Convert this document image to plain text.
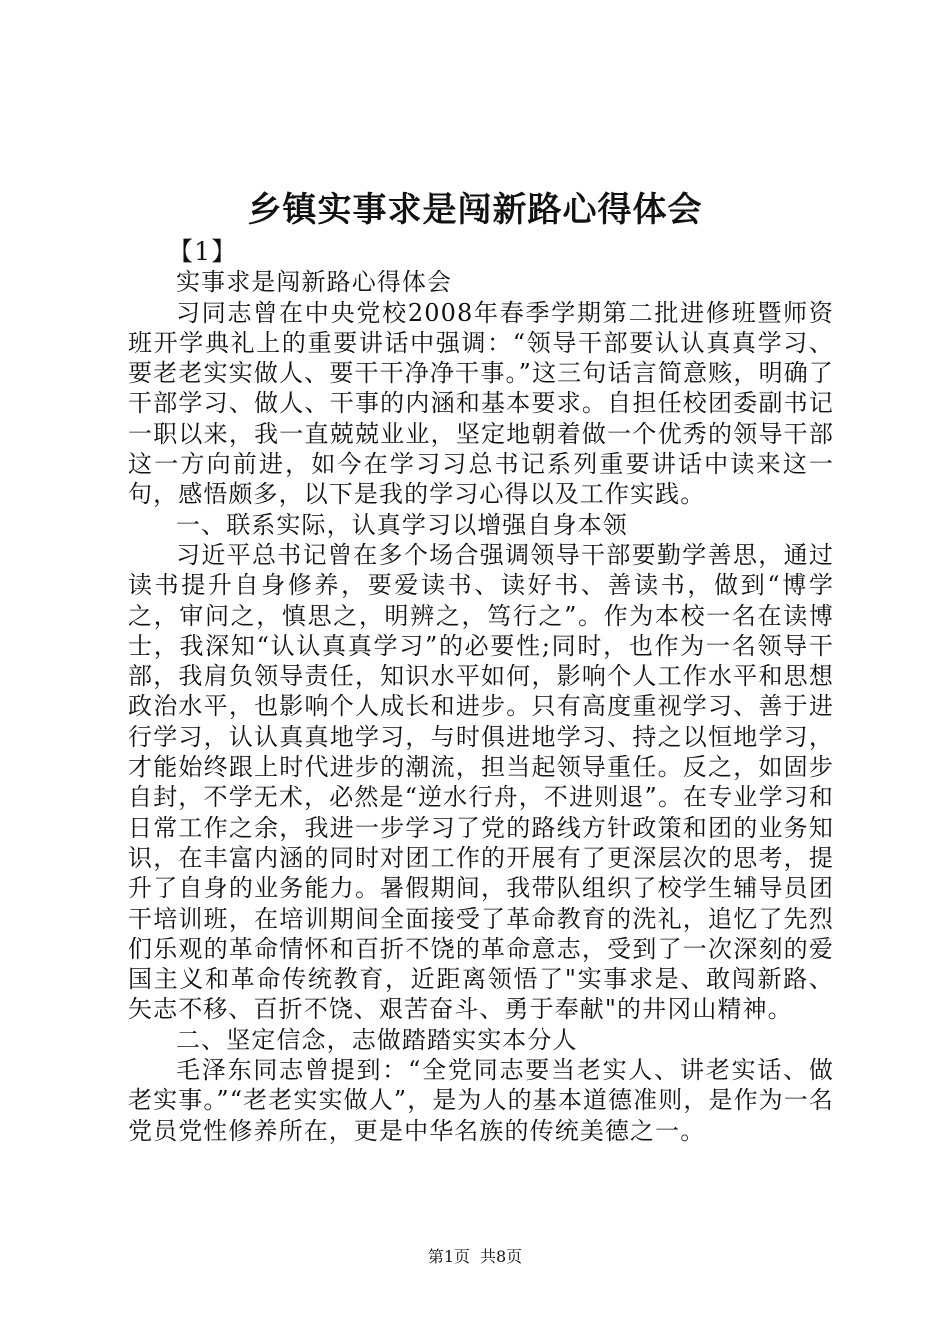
乡镇实事求是闯新路心得体会

【1】

实事求是闯新路心得体会

习同志曾在中央党校2008年春季学期第二批进修班暨师资班开学典礼上的重要讲话中强调：“领导干部要认认真真学习、要老老实实做人、要干干净净干事。”这三句话言简意赅，明确了干部学习、做人、干事的内涵和基本要求。自担任校团委副书记一职以来，我一直兢兢业业，坚定地朝着做一个优秀的领导干部这一方向前进，如今在学习习总书记系列重要讲话中读来这一句，感悟颇多，以下是我的学习心得以及工作实践。

一、联系实际，认真学习以增强自身本领

习近平总书记曾在多个场合强调领导干部要勤学善思，通过读书提升自身修养，要爱读书、读好书、善读书，做到“博学之，审问之，慎思之，明辨之，笃行之”。作为本校一名在读博士，我深知“认认真真学习”的必要性;同时，也作为一名领导干部，我肩负领导责任，知识水平如何，影响个人工作水平和思想政治水平，也影响个人成长和进步。只有高度重视学习、善于进行学习，认认真真地学习，与时俱进地学习、持之以恒地学习，才能始终跟上时代进步的潮流，担当起领导重任。反之，如固步自封，不学无术，必然是“逆水行舟，不进则退”。在专业学习和日常工作之余，我进一步学习了党的路线方针政策和团的业务知识，在丰富内涵的同时对团工作的开展有了更深层次的思考，提升了自身的业务能力。暑假期间，我带队组织了校学生辅导员团干培训班，在培训期间全面接受了革命教育的洗礼，追忆了先烈们乐观的革命情怀和百折不饶的革命意志，受到了一次深刻的爱国主义和革命传统教育，近距离领悟了"实事求是、敢闯新路、矢志不移、百折不饶、艰苦奋斗、勇于奉献"的井冈山精神。

二、坚定信念，志做踏踏实实本分人

毛泽东同志曾提到：“全党同志要当老实人、讲老实话、做老实事。”“老老实实做人”，是为人的基本道德准则，是作为一名党员党性修养所在，更是中华名族的传统美德之一。

第1页 共8页
